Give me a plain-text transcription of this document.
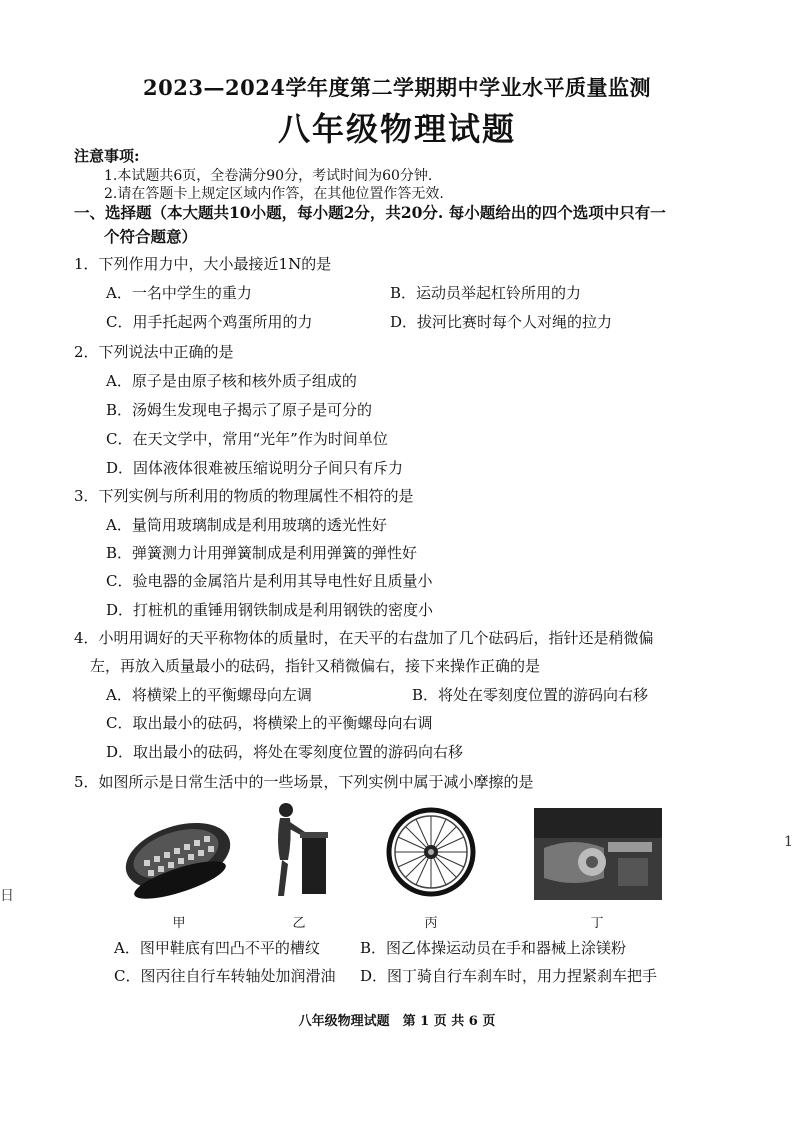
2023—2024学年度第二学期期中学业水平质量监测
八年级物理试题
注意事项:
1.本试题共6页，全卷满分90分，考试时间为60分钟.
2.请在答题卡上规定区域内作答，在其他位置作答无效.
一、选择题（本大题共10小题，每小题2分，共20分. 每小题给出的四个选项中只有一
个符合题意）
1．下列作用力中，大小最接近1N的是
A．一名中学生的重力	B．运动员举起杠铃所用的力
C．用手托起两个鸡蛋所用的力	D．拔河比赛时每个人对绳的拉力
2．下列说法中正确的是
A．原子是由原子核和核外质子组成的
B．汤姆生发现电子揭示了原子是可分的
C．在天文学中，常用“光年”作为时间单位
D．固体液体很难被压缩说明分子间只有斥力
3．下列实例与所利用的物质的物理属性不相符的是
A．量筒用玻璃制成是利用玻璃的透光性好
B．弹簧测力计用弹簧制成是利用弹簧的弹性好
C．验电器的金属箔片是利用其导电性好且质量小
D．打桩机的重锤用钢铁制成是利用钢铁的密度小
4．小明用调好的天平称物体的质量时，在天平的右盘加了几个砝码后，指针还是稍微偏
左，再放入质量最小的砝码，指针又稍微偏右，接下来操作正确的是
A．将横梁上的平衡螺母向左调	B．将处在零刻度位置的游码向右移
C．取出最小的砝码，将横梁上的平衡螺母向右调
D．取出最小的砝码，将处在零刻度位置的游码向右移
5．如图所示是日常生活中的一些场景，下列实例中属于减小摩擦的是
甲	乙	丙	丁
A．图甲鞋底有凹凸不平的槽纹	B．图乙体操运动员在手和器械上涂镁粉
C．图丙往自行车转轴处加润滑油 D．图丁骑自行车刹车时，用力捏紧刹车把手
八年级物理试题　第 1 页 共 6 页
日
1
